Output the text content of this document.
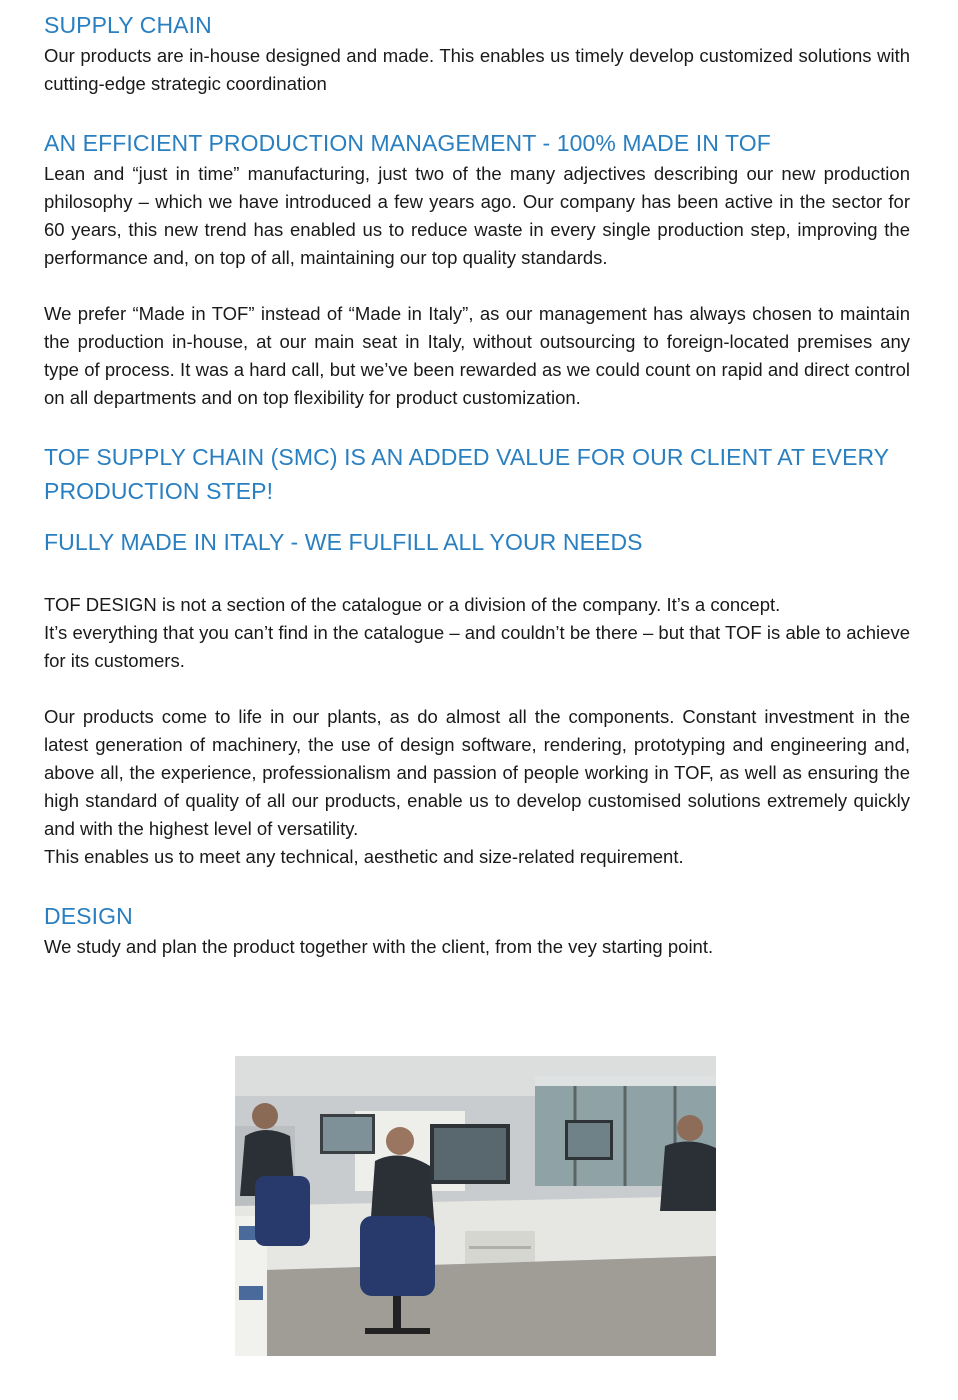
SUPPLY CHAIN

Our products are in-house designed and made. This enables us timely develop customized solutions with cutting-edge strategic coordination

AN EFFICIENT PRODUCTION MANAGEMENT - 100% MADE IN TOF

Lean and “just in time” manufacturing, just two of the many adjectives describing our new production philosophy – which we have introduced a few years ago. Our company has been active in the sector for 60 years, this new trend has enabled us to reduce waste in every single production step, improving the performance and, on top of all, maintaining our top quality standards.

We prefer “Made in TOF” instead of “Made in Italy”, as our management has always chosen to maintain the production in-house, at our main seat in Italy, without outsourcing to foreign-located premises any type of process. It was a hard call, but we’ve been rewarded as we could count on rapid and direct control on all departments and on top flexibility for product customization.

TOF SUPPLY CHAIN (SMC) IS AN ADDED VALUE FOR OUR CLIENT AT EVERY PRODUCTION STEP!
FULLY MADE IN ITALY - WE FULFILL ALL YOUR NEEDS

TOF DESIGN is not a section of the catalogue or a division of the company. It’s a concept.

It’s everything that you can’t find in the catalogue – and couldn’t be there – but that TOF is able to achieve for its customers.

Our products come to life in our plants, as do almost all the components. Constant investment in the latest generation of machinery, the use of design software, rendering, prototyping and engineering and, above all, the experience, professionalism and passion of people working in TOF, as well as ensuring the high standard of quality of all our products, enable us to develop customised solutions extremely quickly and with the highest level of versatility.

This enables us to meet any technical, aesthetic and size-related requirement.

DESIGN

We study and plan the product together with the client, from the vey starting point.
